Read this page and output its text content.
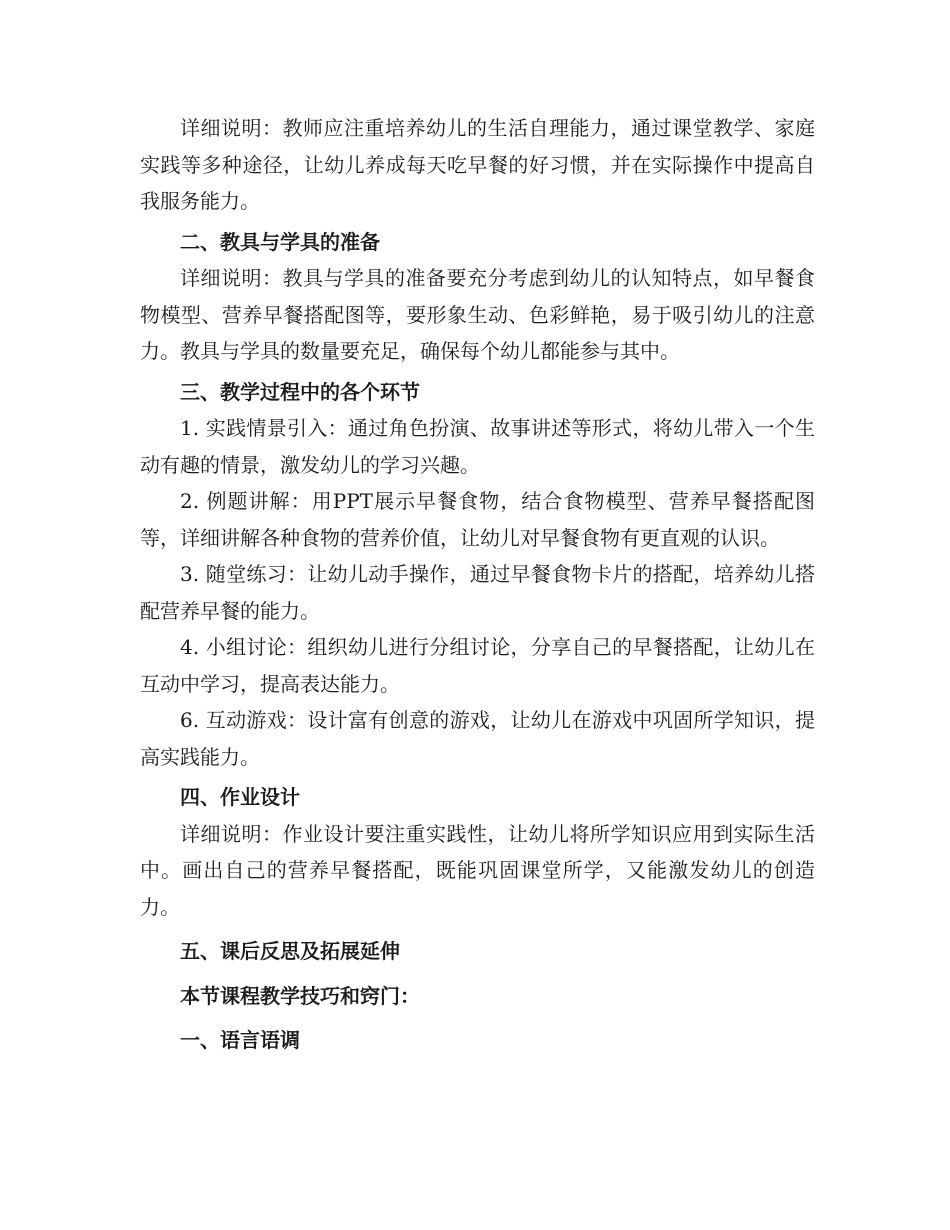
详细说明：教师应注重培养幼儿的生活自理能力，通过课堂教学、家庭实践等多种途径，让幼儿养成每天吃早餐的好习惯，并在实际操作中提高自我服务能力。

二、教具与学具的准备

详细说明：教具与学具的准备要充分考虑到幼儿的认知特点，如早餐食物模型、营养早餐搭配图等，要形象生动、色彩鲜艳，易于吸引幼儿的注意力。教具与学具的数量要充足，确保每个幼儿都能参与其中。

三、教学过程中的各个环节

1. 实践情景引入：通过角色扮演、故事讲述等形式，将幼儿带入一个生动有趣的情景，激发幼儿的学习兴趣。

2. 例题讲解：用PPT展示早餐食物，结合食物模型、营养早餐搭配图等，详细讲解各种食物的营养价值，让幼儿对早餐食物有更直观的认识。

3. 随堂练习：让幼儿动手操作，通过早餐食物卡片的搭配，培养幼儿搭配营养早餐的能力。

4. 小组讨论：组织幼儿进行分组讨论，分享自己的早餐搭配，让幼儿在互动中学习，提高表达能力。

6. 互动游戏：设计富有创意的游戏，让幼儿在游戏中巩固所学知识，提高实践能力。

四、作业设计

详细说明：作业设计要注重实践性，让幼儿将所学知识应用到实际生活中。画出自己的营养早餐搭配，既能巩固课堂所学，又能激发幼儿的创造力。

五、课后反思及拓展延伸

本节课程教学技巧和窍门：

一、语言语调
